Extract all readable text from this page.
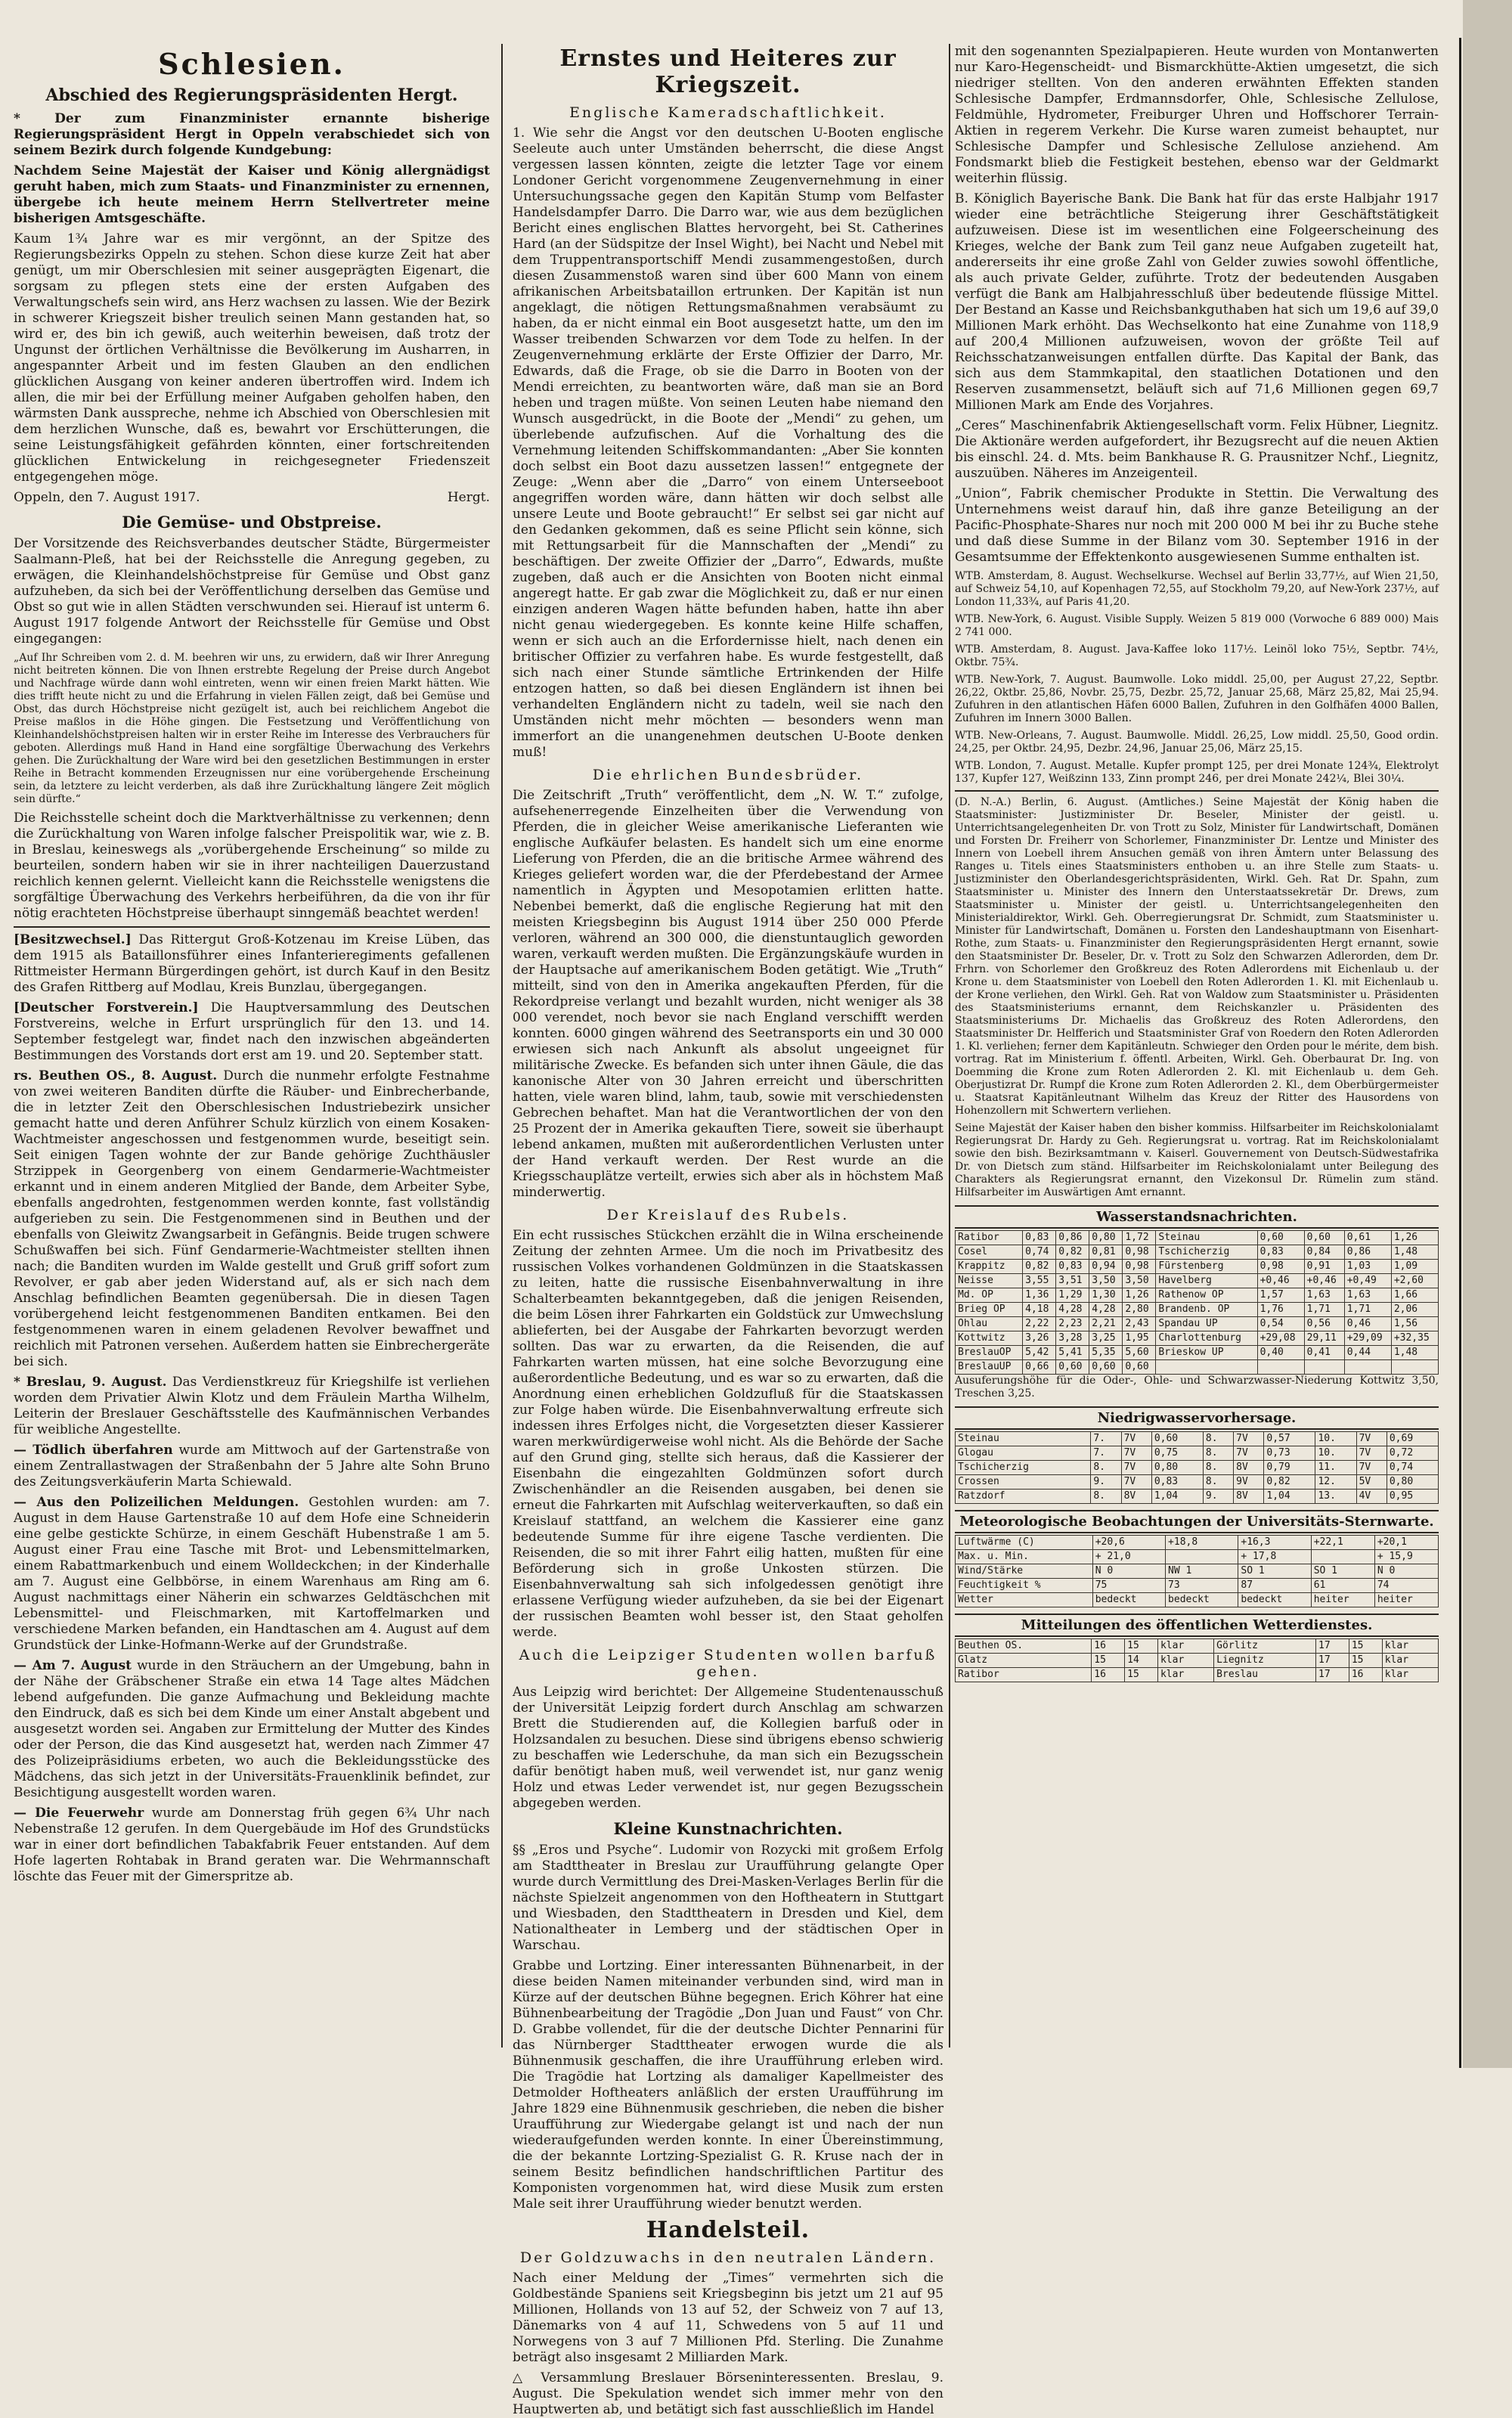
Schlesien.
Abschied des Regierungspräsidenten Hergt.

* Der zum Finanzminister ernannte bisherige Regierungspräsident Hergt in Oppeln verabschiedet sich von seinem Bezirk durch folgende Kundgebung:

Nachdem Seine Majestät der Kaiser und König allergnädigst geruht haben, mich zum Staats- und Finanzminister zu ernennen, übergebe ich heute meinem Herrn Stellvertreter meine bisherigen Amtsgeschäfte.

Kaum 1¾ Jahre war es mir vergönnt, an der Spitze des Regierungsbezirks Oppeln zu stehen. Schon diese kurze Zeit hat aber genügt, um mir Oberschlesien mit seiner ausgeprägten Eigenart, die sorgsam zu pflegen stets eine der ersten Aufgaben des Verwaltungschefs sein wird, ans Herz wachsen zu lassen. Wie der Bezirk in schwerer Kriegszeit bisher treulich seinen Mann gestanden hat, so wird er, des bin ich gewiß, auch weiterhin beweisen, daß trotz der Ungunst der örtlichen Verhältnisse die Bevölkerung im Ausharren, in angespannter Arbeit und im festen Glauben an den endlichen glücklichen Ausgang von keiner anderen übertroffen wird. Indem ich allen, die mir bei der Erfüllung meiner Aufgaben geholfen haben, den wärmsten Dank ausspreche, nehme ich Abschied von Oberschlesien mit dem herzlichen Wunsche, daß es, bewahrt vor Erschütterungen, die seine Leistungsfähigkeit gefährden könnten, einer fortschreitenden glücklichen Entwickelung in reichgesegneter Friedenszeit entgegengehen möge.

Oppeln, den 7. August 1917.	Hergt.
Die Gemüse- und Obstpreise.

Der Vorsitzende des Reichsverbandes deutscher Städte, Bürgermeister Saalmann-Pleß, hat bei der Reichsstelle die Anregung gegeben, zu erwägen, die Kleinhandelshöchstpreise für Gemüse und Obst ganz aufzuheben, da sich bei der Veröffentlichung derselben das Gemüse und Obst so gut wie in allen Städten verschwunden sei. Hierauf ist unterm 6. August 1917 folgende Antwort der Reichsstelle für Gemüse und Obst eingegangen:

„Auf Ihr Schreiben vom 2. d. M. beehren wir uns, zu erwidern, daß wir Ihrer Anregung nicht beitreten können. Die von Ihnen erstrebte Regelung der Preise durch Angebot und Nachfrage würde dann wohl eintreten, wenn wir einen freien Markt hätten. Wie dies trifft heute nicht zu und die Erfahrung in vielen Fällen zeigt, daß bei Gemüse und Obst, das durch Höchstpreise nicht gezügelt ist, auch bei reichlichem Angebot die Preise maßlos in die Höhe gingen. Die Festsetzung und Veröffentlichung von Kleinhandelshöchstpreisen halten wir in erster Reihe im Interesse des Verbrauchers für geboten. Allerdings muß Hand in Hand eine sorgfältige Überwachung des Verkehrs gehen. Die Zurückhaltung der Ware wird bei den gesetzlichen Bestimmungen in erster Reihe in Betracht kommenden Erzeugnissen nur eine vorübergehende Erscheinung sein, da letztere zu leicht verderben, als daß ihre Zurückhaltung längere Zeit möglich sein dürfte.“

Die Reichsstelle scheint doch die Marktverhältnisse zu verkennen; denn die Zurückhaltung von Waren infolge falscher Preispolitik war, wie z. B. in Breslau, keineswegs als „vorübergehende Erscheinung“ so milde zu beurteilen, sondern haben wir sie in ihrer nachteiligen Dauerzustand reichlich kennen gelernt. Vielleicht kann die Reichsstelle wenigstens die sorgfältige Überwachung des Verkehrs herbeiführen, da die von ihr für nötig erachteten Höchstpreise überhaupt sinngemäß beachtet werden!

[Besitzwechsel.] Das Rittergut Groß-Kotzenau im Kreise Lüben, das dem 1915 als Bataillonsführer eines Infanterieregiments gefallenen Rittmeister Hermann Bürgerdingen gehört, ist durch Kauf in den Besitz des Grafen Rittberg auf Modlau, Kreis Bunzlau, übergegangen.

[Deutscher Forstverein.] Die Hauptversammlung des Deutschen Forstvereins, welche in Erfurt ursprünglich für den 13. und 14. September festgelegt war, findet nach den inzwischen abgeänderten Bestimmungen des Vorstands dort erst am 19. und 20. September statt.

rs. Beuthen OS., 8. August. Durch die nunmehr erfolgte Festnahme von zwei weiteren Banditen dürfte die Räuber- und Einbrecherbande, die in letzter Zeit den Oberschlesischen Industriebezirk unsicher gemacht hatte und deren Anführer Schulz kürzlich von einem Kosaken-Wachtmeister angeschossen und festgenommen wurde, beseitigt sein. Seit einigen Tagen wohnte der zur Bande gehörige Zuchthäusler Strzippek in Georgenberg von einem Gendarmerie-Wachtmeister erkannt und in einem anderen Mitglied der Bande, dem Arbeiter Sybe, ebenfalls angedrohten, festgenommen werden konnte, fast vollständig aufgerieben zu sein. Die Festgenommenen sind in Beuthen und der ebenfalls von Gleiwitz Zwangsarbeit in Gefängnis. Beide trugen schwere Schußwaffen bei sich. Fünf Gendarmerie-Wachtmeister stellten ihnen nach; die Banditen wurden im Walde gestellt und Gruß griff sofort zum Revolver, er gab aber jeden Widerstand auf, als er sich nach dem Anschlag befindlichen Beamten gegenübersah. Die in diesen Tagen vorübergehend leicht festgenommenen Banditen entkamen. Bei den festgenommenen waren in einem geladenen Revolver bewaffnet und reichlich mit Patronen versehen. Außerdem hatten sie Einbrechergeräte bei sich.

* Breslau, 9. August. Das Verdienstkreuz für Kriegshilfe ist verliehen worden dem Privatier Alwin Klotz und dem Fräulein Martha Wilhelm, Leiterin der Breslauer Geschäftsstelle des Kaufmännischen Verbandes für weibliche Angestellte.

— Tödlich überfahren wurde am Mittwoch auf der Gartenstraße von einem Zentrallastwagen der Straßenbahn der 5 Jahre alte Sohn Bruno des Zeitungsverkäuferin Marta Schiewald.

— Aus den Polizeilichen Meldungen. Gestohlen wurden: am 7. August in dem Hause Gartenstraße 10 auf dem Hofe eine Schneiderin eine gelbe gestickte Schürze, in einem Geschäft Hubenstraße 1 am 5. August einer Frau eine Tasche mit Brot- und Lebensmittelmarken, einem Rabattmarkenbuch und einem Wolldeckchen; in der Kinderhalle am 7. August eine Gelbbörse, in einem Warenhaus am Ring am 6. August nachmittags einer Näherin ein schwarzes Geldtäschchen mit Lebensmittel- und Fleischmarken, mit Kartoffelmarken und verschiedene Marken befanden, ein Handtaschen am 4. August auf dem Grundstück der Linke-Hofmann-Werke auf der Grundstraße.

— Am 7. August wurde in den Sträuchern an der Umgebung, bahn in der Nähe der Gräbschener Straße ein etwa 14 Tage altes Mädchen lebend aufgefunden. Die ganze Aufmachung und Bekleidung machte den Eindruck, daß es sich bei dem Kinde um einer Anstalt abgebent und ausgesetzt worden sei. Angaben zur Ermittelung der Mutter des Kindes oder der Person, die das Kind ausgesetzt hat, werden nach Zimmer 47 des Polizeipräsidiums erbeten, wo auch die Bekleidungsstücke des Mädchens, das sich jetzt in der Universitäts-Frauenklinik befindet, zur Besichtigung ausgestellt worden waren.

— Die Feuerwehr wurde am Donnerstag früh gegen 6¾ Uhr nach Nebenstraße 12 gerufen. In dem Quergebäude im Hof des Grundstücks war in einer dort befindlichen Tabakfabrik Feuer entstanden. Auf dem Hofe lagerten Rohtabak in Brand geraten war. Die Wehrmannschaft löschte das Feuer mit der Gimerspritze ab.

Ernstes und Heiteres zur Kriegszeit.
Englische Kameradschaftlichkeit.

1. Wie sehr die Angst vor den deutschen U-Booten englische Seeleute auch unter Umständen beherrscht, die diese Angst vergessen lassen könnten, zeigte die letzter Tage vor einem Londoner Gericht vorgenommene Zeugenvernehmung in einer Untersuchungssache gegen den Kapitän Stump vom Belfaster Handelsdampfer Darro. Die Darro war, wie aus dem bezüglichen Bericht eines englischen Blattes hervorgeht, bei St. Catherines Hard (an der Südspitze der Insel Wight), bei Nacht und Nebel mit dem Truppentransportschiff Mendi zusammengestoßen, durch diesen Zusammenstoß waren sind über 600 Mann von einem afrikanischen Arbeitsbataillon ertrunken. Der Kapitän ist nun angeklagt, die nötigen Rettungsmaßnahmen verabsäumt zu haben, da er nicht einmal ein Boot ausgesetzt hatte, um den im Wasser treibenden Schwarzen vor dem Tode zu helfen. In der Zeugenvernehmung erklärte der Erste Offizier der Darro, Mr. Edwards, daß die Frage, ob sie die Darro in Booten von der Mendi erreichten, zu beantworten wäre, daß man sie an Bord heben und tragen müßte. Von seinen Leuten habe niemand den Wunsch ausgedrückt, in die Boote der „Mendi“ zu gehen, um überlebende aufzufischen. Auf die Vorhaltung des die Vernehmung leitenden Schiffskommandanten: „Aber Sie konnten doch selbst ein Boot dazu aussetzen lassen!“ entgegnete der Zeuge: „Wenn aber die „Darro“ von einem Unterseeboot angegriffen worden wäre, dann hätten wir doch selbst alle unsere Leute und Boote gebraucht!“ Er selbst sei gar nicht auf den Gedanken gekommen, daß es seine Pflicht sein könne, sich mit Rettungsarbeit für die Mannschaften der „Mendi“ zu beschäftigen. Der zweite Offizier der „Darro“, Edwards, mußte zugeben, daß auch er die Ansichten von Booten nicht einmal angeregt hatte. Er gab zwar die Möglichkeit zu, daß er nur einen einzigen anderen Wagen hätte befunden haben, hatte ihn aber nicht genau wiedergegeben. Es konnte keine Hilfe schaffen, wenn er sich auch an die Erfordernisse hielt, nach denen ein britischer Offizier zu verfahren habe. Es wurde festgestellt, daß sich nach einer Stunde sämtliche Ertrinkenden der Hilfe entzogen hatten, so daß bei diesen Engländern ist ihnen bei verhandelten Engländern nicht zu tadeln, weil sie nach den Umständen nicht mehr möchten — besonders wenn man immerfort an die unangenehmen deutschen U-Boote denken muß!

Die ehrlichen Bundesbrüder.

Die Zeitschrift „Truth“ veröffentlicht, dem „N. W. T.“ zufolge, aufsehenerregende Einzelheiten über die Verwendung von Pferden, die in gleicher Weise amerikanische Lieferanten wie englische Aufkäufer belasten. Es handelt sich um eine enorme Lieferung von Pferden, die an die britische Armee während des Krieges geliefert worden war, die der Pferdebestand der Armee namentlich in Ägypten und Mesopotamien erlitten hatte. Nebenbei bemerkt, daß die englische Regierung hat mit den meisten Kriegsbeginn bis August 1914 über 250 000 Pferde verloren, während an 300 000, die dienstuntauglich geworden waren, verkauft werden mußten. Die Ergänzungskäufe wurden in der Hauptsache auf amerikanischem Boden getätigt. Wie „Truth“ mitteilt, sind von den in Amerika angekauften Pferden, für die Rekordpreise verlangt und bezahlt wurden, nicht weniger als 38 000 verendet, noch bevor sie nach England verschifft werden konnten. 6000 gingen während des Seetransports ein und 30 000 erwiesen sich nach Ankunft als absolut ungeeignet für militärische Zwecke. Es befanden sich unter ihnen Gäule, die das kanonische Alter von 30 Jahren erreicht und überschritten hatten, viele waren blind, lahm, taub, sowie mit verschiedensten Gebrechen behaftet. Man hat die Verantwortlichen der von den 25 Prozent der in Amerika gekauften Tiere, soweit sie überhaupt lebend ankamen, mußten mit außerordentlichen Verlusten unter der Hand verkauft werden. Der Rest wurde an die Kriegsschauplätze verteilt, erwies sich aber als in höchstem Maß minderwertig.

Der Kreislauf des Rubels.

Ein echt russisches Stückchen erzählt die in Wilna erscheinende Zeitung der zehnten Armee. Um die noch im Privatbesitz des russischen Volkes vorhandenen Goldmünzen in die Staatskassen zu leiten, hatte die russische Eisenbahnverwaltung in ihre Schalterbeamten bekanntgegeben, daß die jenigen Reisenden, die beim Lösen ihrer Fahrkarten ein Goldstück zur Umwechslung ablieferten, bei der Ausgabe der Fahrkarten bevorzugt werden sollten. Das war zu erwarten, da die Reisenden, die auf Fahrkarten warten müssen, hat eine solche Bevorzugung eine außerordentliche Bedeutung, und es war so zu erwarten, daß die Anordnung einen erheblichen Goldzufluß für die Staatskassen zur Folge haben würde. Die Eisenbahnverwaltung erfreute sich indessen ihres Erfolges nicht, die Vorgesetzten dieser Kassierer waren merkwürdigerweise wohl nicht. Als die Behörde der Sache auf den Grund ging, stellte sich heraus, daß die Kassierer der Eisenbahn die eingezahlten Goldmünzen sofort durch Zwischenhändler an die Reisenden ausgaben, bei denen sie erneut die Fahrkarten mit Aufschlag weiterverkauften, so daß ein Kreislauf stattfand, an welchem die Kassierer eine ganz bedeutende Summe für ihre eigene Tasche verdienten. Die Reisenden, die so mit ihrer Fahrt eilig hatten, mußten für eine Beförderung sich in große Unkosten stürzen. Die Eisenbahnverwaltung sah sich infolgedessen genötigt ihre erlassene Verfügung wieder aufzuheben, da sie bei der Eigenart der russischen Beamten wohl besser ist, den Staat geholfen werde.

Auch die Leipziger Studenten wollen barfuß gehen.

Aus Leipzig wird berichtet: Der Allgemeine Studentenausschuß der Universität Leipzig fordert durch Anschlag am schwarzen Brett die Studierenden auf, die Kollegien barfuß oder in Holzsandalen zu besuchen. Diese sind übrigens ebenso schwierig zu beschaffen wie Lederschuhe, da man sich ein Bezugsschein dafür benötigt haben muß, weil verwendet ist, nur ganz wenig Holz und etwas Leder verwendet ist, nur gegen Bezugsschein abgegeben werden.

Kleine Kunstnachrichten.

§§ „Eros und Psyche“. Ludomir von Rozycki mit großem Erfolg am Stadttheater in Breslau zur Uraufführung gelangte Oper wurde durch Vermittlung des Drei-Masken-Verlages Berlin für die nächste Spielzeit angenommen von den Hoftheatern in Stuttgart und Wiesbaden, den Stadttheatern in Dresden und Kiel, dem Nationaltheater in Lemberg und der städtischen Oper in Warschau.

Grabbe und Lortzing. Einer interessanten Bühnenarbeit, in der diese beiden Namen miteinander verbunden sind, wird man in Kürze auf der deutschen Bühne begegnen. Erich Köhrer hat eine Bühnenbearbeitung der Tragödie „Don Juan und Faust“ von Chr. D. Grabbe vollendet, für die der deutsche Dichter Pennarini für das Nürnberger Stadttheater erwogen wurde die als Bühnenmusik geschaffen, die ihre Uraufführung erleben wird. Die Tragödie hat Lortzing als damaliger Kapellmeister des Detmolder Hoftheaters anläßlich der ersten Uraufführung im Jahre 1829 eine Bühnenmusik geschrieben, die neben die bisher Uraufführung zur Wiedergabe gelangt ist und nach der nun wiederaufgefunden werden konnte. In einer Übereinstimmung, die der bekannte Lortzing-Spezialist G. R. Kruse nach der in seinem Besitz befindlichen handschriftlichen Partitur des Komponisten vorgenommen hat, wird diese Musik zum ersten Male seit ihrer Uraufführung wieder benutzt werden.

Handelsteil.
Der Goldzuwachs in den neutralen Ländern.

Nach einer Meldung der „Times“ vermehrten sich die Goldbestände Spaniens seit Kriegsbeginn bis jetzt um 21 auf 95 Millionen, Hollands von 13 auf 52, der Schweiz von 7 auf 13, Dänemarks von 4 auf 11, Schwedens von 5 auf 11 und Norwegens von 3 auf 7 Millionen Pfd. Sterling. Die Zunahme beträgt also insgesamt 2 Milliarden Mark.

△ Versammlung Breslauer Börseninteressenten. Breslau, 9. August. Die Spekulation wendet sich immer mehr von den Hauptwerten ab, und betätigt sich fast ausschließlich im Handel

mit den sogenannten Spezialpapieren. Heute wurden von Montanwerten nur Karo-Hegenscheidt- und Bismarckhütte-Aktien umgesetzt, die sich niedriger stellten. Von den anderen erwähnten Effekten standen Schlesische Dampfer, Erdmannsdorfer, Ohle, Schlesische Zellulose, Feldmühle, Hydrometer, Freiburger Uhren und Hoffschorer Terrain-Aktien in regerem Verkehr. Die Kurse waren zumeist behauptet, nur Schlesische Dampfer und Schlesische Zellulose anziehend. Am Fondsmarkt blieb die Festigkeit bestehen, ebenso war der Geldmarkt weiterhin flüssig.

B. Königlich Bayerische Bank. Die Bank hat für das erste Halbjahr 1917 wieder eine beträchtliche Steigerung ihrer Geschäftstätigkeit aufzuweisen. Diese ist im wesentlichen eine Folgeerscheinung des Krieges, welche der Bank zum Teil ganz neue Aufgaben zugeteilt hat, andererseits ihr eine große Zahl von Gelder zuwies sowohl öffentliche, als auch private Gelder, zuführte. Trotz der bedeutenden Ausgaben verfügt die Bank am Halbjahresschluß über bedeutende flüssige Mittel. Der Bestand an Kasse und Reichsbankguthaben hat sich um 19,6 auf 39,0 Millionen Mark erhöht. Das Wechselkonto hat eine Zunahme von 118,9 auf 200,4 Millionen aufzuweisen, wovon der größte Teil auf Reichsschatzanweisungen entfallen dürfte. Das Kapital der Bank, das sich aus dem Stammkapital, den staatlichen Dotationen und den Reserven zusammensetzt, beläuft sich auf 71,6 Millionen gegen 69,7 Millionen Mark am Ende des Vorjahres.

„Ceres“ Maschinenfabrik Aktiengesellschaft vorm. Felix Hübner, Liegnitz. Die Aktionäre werden aufgefordert, ihr Bezugsrecht auf die neuen Aktien bis einschl. 24. d. Mts. beim Bankhause R. G. Prausnitzer Nchf., Liegnitz, auszuüben. Näheres im Anzeigenteil.

„Union“, Fabrik chemischer Produkte in Stettin. Die Verwaltung des Unternehmens weist darauf hin, daß ihre ganze Beteiligung an der Pacific-Phosphate-Shares nur noch mit 200 000 M bei ihr zu Buche stehe und daß diese Summe in der Bilanz vom 30. September 1916 in der Gesamtsumme der Effektenkonto ausgewiesenen Summe enthalten ist.

WTB. Amsterdam, 8. August. Wechselkurse. Wechsel auf Berlin 33,77½, auf Wien 21,50, auf Schweiz 54,10, auf Kopenhagen 72,55, auf Stockholm 79,20, auf New-York 237½, auf London 11,33¾, auf Paris 41,20.

WTB. New-York, 6. August. Visible Supply. Weizen 5 819 000 (Vorwoche 6 889 000) Mais 2 741 000.

WTB. Amsterdam, 8. August. Java-Kaffee loko 117½. Leinöl loko 75½, Septbr. 74½, Oktbr. 75¾.

WTB. New-York, 7. August. Baumwolle. Loko middl. 25,00, per August 27,22, Septbr. 26,22, Oktbr. 25,86, Novbr. 25,75, Dezbr. 25,72, Januar 25,68, März 25,82, Mai 25,94. Zufuhren in den atlantischen Häfen 6000 Ballen, Zufuhren in den Golfhäfen 4000 Ballen, Zufuhren im Innern 3000 Ballen.

WTB. New-Orleans, 7. August. Baumwolle. Middl. 26,25, Low middl. 25,50, Good ordin. 24,25, per Oktbr. 24,95, Dezbr. 24,96, Januar 25,06, März 25,15.

WTB. London, 7. August. Metalle. Kupfer prompt 125, per drei Monate 124¾, Elektrolyt 137, Kupfer 127, Weißzinn 133, Zinn prompt 246, per drei Monate 242¼, Blei 30¼.

(D. N.-A.) Berlin, 6. August. (Amtliches.) Seine Majestät der König haben die Staatsminister: Justizminister Dr. Beseler, Minister der geistl. u. Unterrichtsangelegenheiten Dr. von Trott zu Solz, Minister für Landwirtschaft, Domänen und Forsten Dr. Freiherr von Schorlemer, Finanzminister Dr. Lentze und Minister des Innern von Loebell ihrem Ansuchen gemäß von ihren Ämtern unter Belassung des Ranges u. Titels eines Staatsministers enthoben u. an ihre Stelle zum Staats- u. Justizminister den Oberlandesgerichtspräsidenten, Wirkl. Geh. Rat Dr. Spahn, zum Staatsminister u. Minister des Innern den Unterstaatssekretär Dr. Drews, zum Staatsminister u. Minister der geistl. u. Unterrichtsangelegenheiten den Ministerialdirektor, Wirkl. Geh. Oberregierungsrat Dr. Schmidt, zum Staatsminister u. Minister für Landwirtschaft, Domänen u. Forsten den Landeshauptmann von Eisenhart-Rothe, zum Staats- u. Finanzminister den Regierungspräsidenten Hergt ernannt, sowie den Staatsminister Dr. Beseler, Dr. v. Trott zu Solz den Schwarzen Adlerorden, dem Dr. Frhrn. von Schorlemer den Großkreuz des Roten Adlerordens mit Eichenlaub u. der Krone u. dem Staatsminister von Loebell den Roten Adlerorden 1. Kl. mit Eichenlaub u. der Krone verliehen, den Wirkl. Geh. Rat von Waldow zum Staatsminister u. Präsidenten des Staatsministeriums ernannt, dem Reichskanzler u. Präsidenten des Staatsministeriums Dr. Michaelis das Großkreuz des Roten Adlerordens, den Staatsminister Dr. Helfferich und Staatsminister Graf von Roedern den Roten Adlerorden 1. Kl. verliehen; ferner dem Kapitänleutn. Schwieger den Orden pour le mérite, dem bish. vortrag. Rat im Ministerium f. öffentl. Arbeiten, Wirkl. Geh. Oberbaurat Dr. Ing. von Doemming die Krone zum Roten Adlerorden 2. Kl. mit Eichenlaub u. dem Geh. Oberjustizrat Dr. Rumpf die Krone zum Roten Adlerorden 2. Kl., dem Oberbürgermeister u. Staatsrat Kapitänleutnant Wilhelm das Kreuz der Ritter des Hausordens von Hohenzollern mit Schwertern verliehen.

Seine Majestät der Kaiser haben den bisher kommiss. Hilfsarbeiter im Reichskolonialamt Regierungsrat Dr. Hardy zu Geh. Regierungsrat u. vortrag. Rat im Reichskolonialamt sowie den bish. Bezirksamtmann v. Kaiserl. Gouvernement von Deutsch-Südwestafrika Dr. von Dietsch zum ständ. Hilfsarbeiter im Reichskolonialamt unter Beilegung des Charakters als Regierungsrat ernannt, den Vizekonsul Dr. Rümelin zum ständ. Hilfsarbeiter im Auswärtigen Amt ernannt.

Wasserstandsnachrichten.
Ratibor	0,83	0,86	0,80	1,72	Steinau	0,60	0,60	0,61	1,26
Cosel	0,74	0,82	0,81	0,98	Tschicherzig	0,83	0,84	0,86	1,48
Krappitz	0,82	0,83	0,94	0,98	Fürstenberg	0,98	0,91	1,03	1,09
Neisse	3,55	3,51	3,50	3,50	Havelberg	+0,46	+0,46	+0,49	+2,60
Md. OP	1,36	1,29	1,30	1,26	Rathenow OP	1,57	1,63	1,63	1,66
Brieg OP	4,18	4,28	4,28	2,80	Brandenb. OP	1,76	1,71	1,71	2,06
Ohlau	2,22	2,23	2,21	2,43	Spandau UP	0,54	0,56	0,46	1,56
Kottwitz	3,26	3,28	3,25	1,95	Charlottenburg	+29,08	29,11	+29,09	+32,35
BreslauOP	5,42	5,41	5,35	5,60	Brieskow UP	0,40	0,41	0,44	1,48
BreslauUP	0,66	0,60	0,60	0,60					

Ausuferungshöhe für die Oder-, Ohle- und Schwarzwasser-Niederung Kottwitz 3,50, Treschen 3,25.

Niedrigwasservorhersage.
Steinau	7.	7V	0,60	8.	7V	0,57	10.	7V	0,69
Glogau	7.	7V	0,75	8.	7V	0,73	10.	7V	0,72
Tschicherzig	8.	7V	0,80	8.	8V	0,79	11.	7V	0,74
Crossen	9.	7V	0,83	8.	9V	0,82	12.	5V	0,80
Ratzdorf	8.	8V	1,04	9.	8V	1,04	13.	4V	0,95
Meteorologische Beobachtungen der Universitäts-Sternwarte.
Luftwärme (C)	+20,6	+18,8	+16,3	+22,1	+20,1
Max. u. Min.	+ 21,0		+ 17,8		+ 15,9
Wind/Stärke	N 0	NW 1	SO 1	SO 1	N 0
Feuchtigkeit %	75	73	87	61	74
Wetter	bedeckt	bedeckt	bedeckt	heiter	heiter
Mitteilungen des öffentlichen Wetterdienstes.
Beuthen OS.	16	15	klar	Görlitz	17	15	klar
Glatz	15	14	klar	Liegnitz	17	15	klar
Ratibor	16	15	klar	Breslau	17	16	klar
